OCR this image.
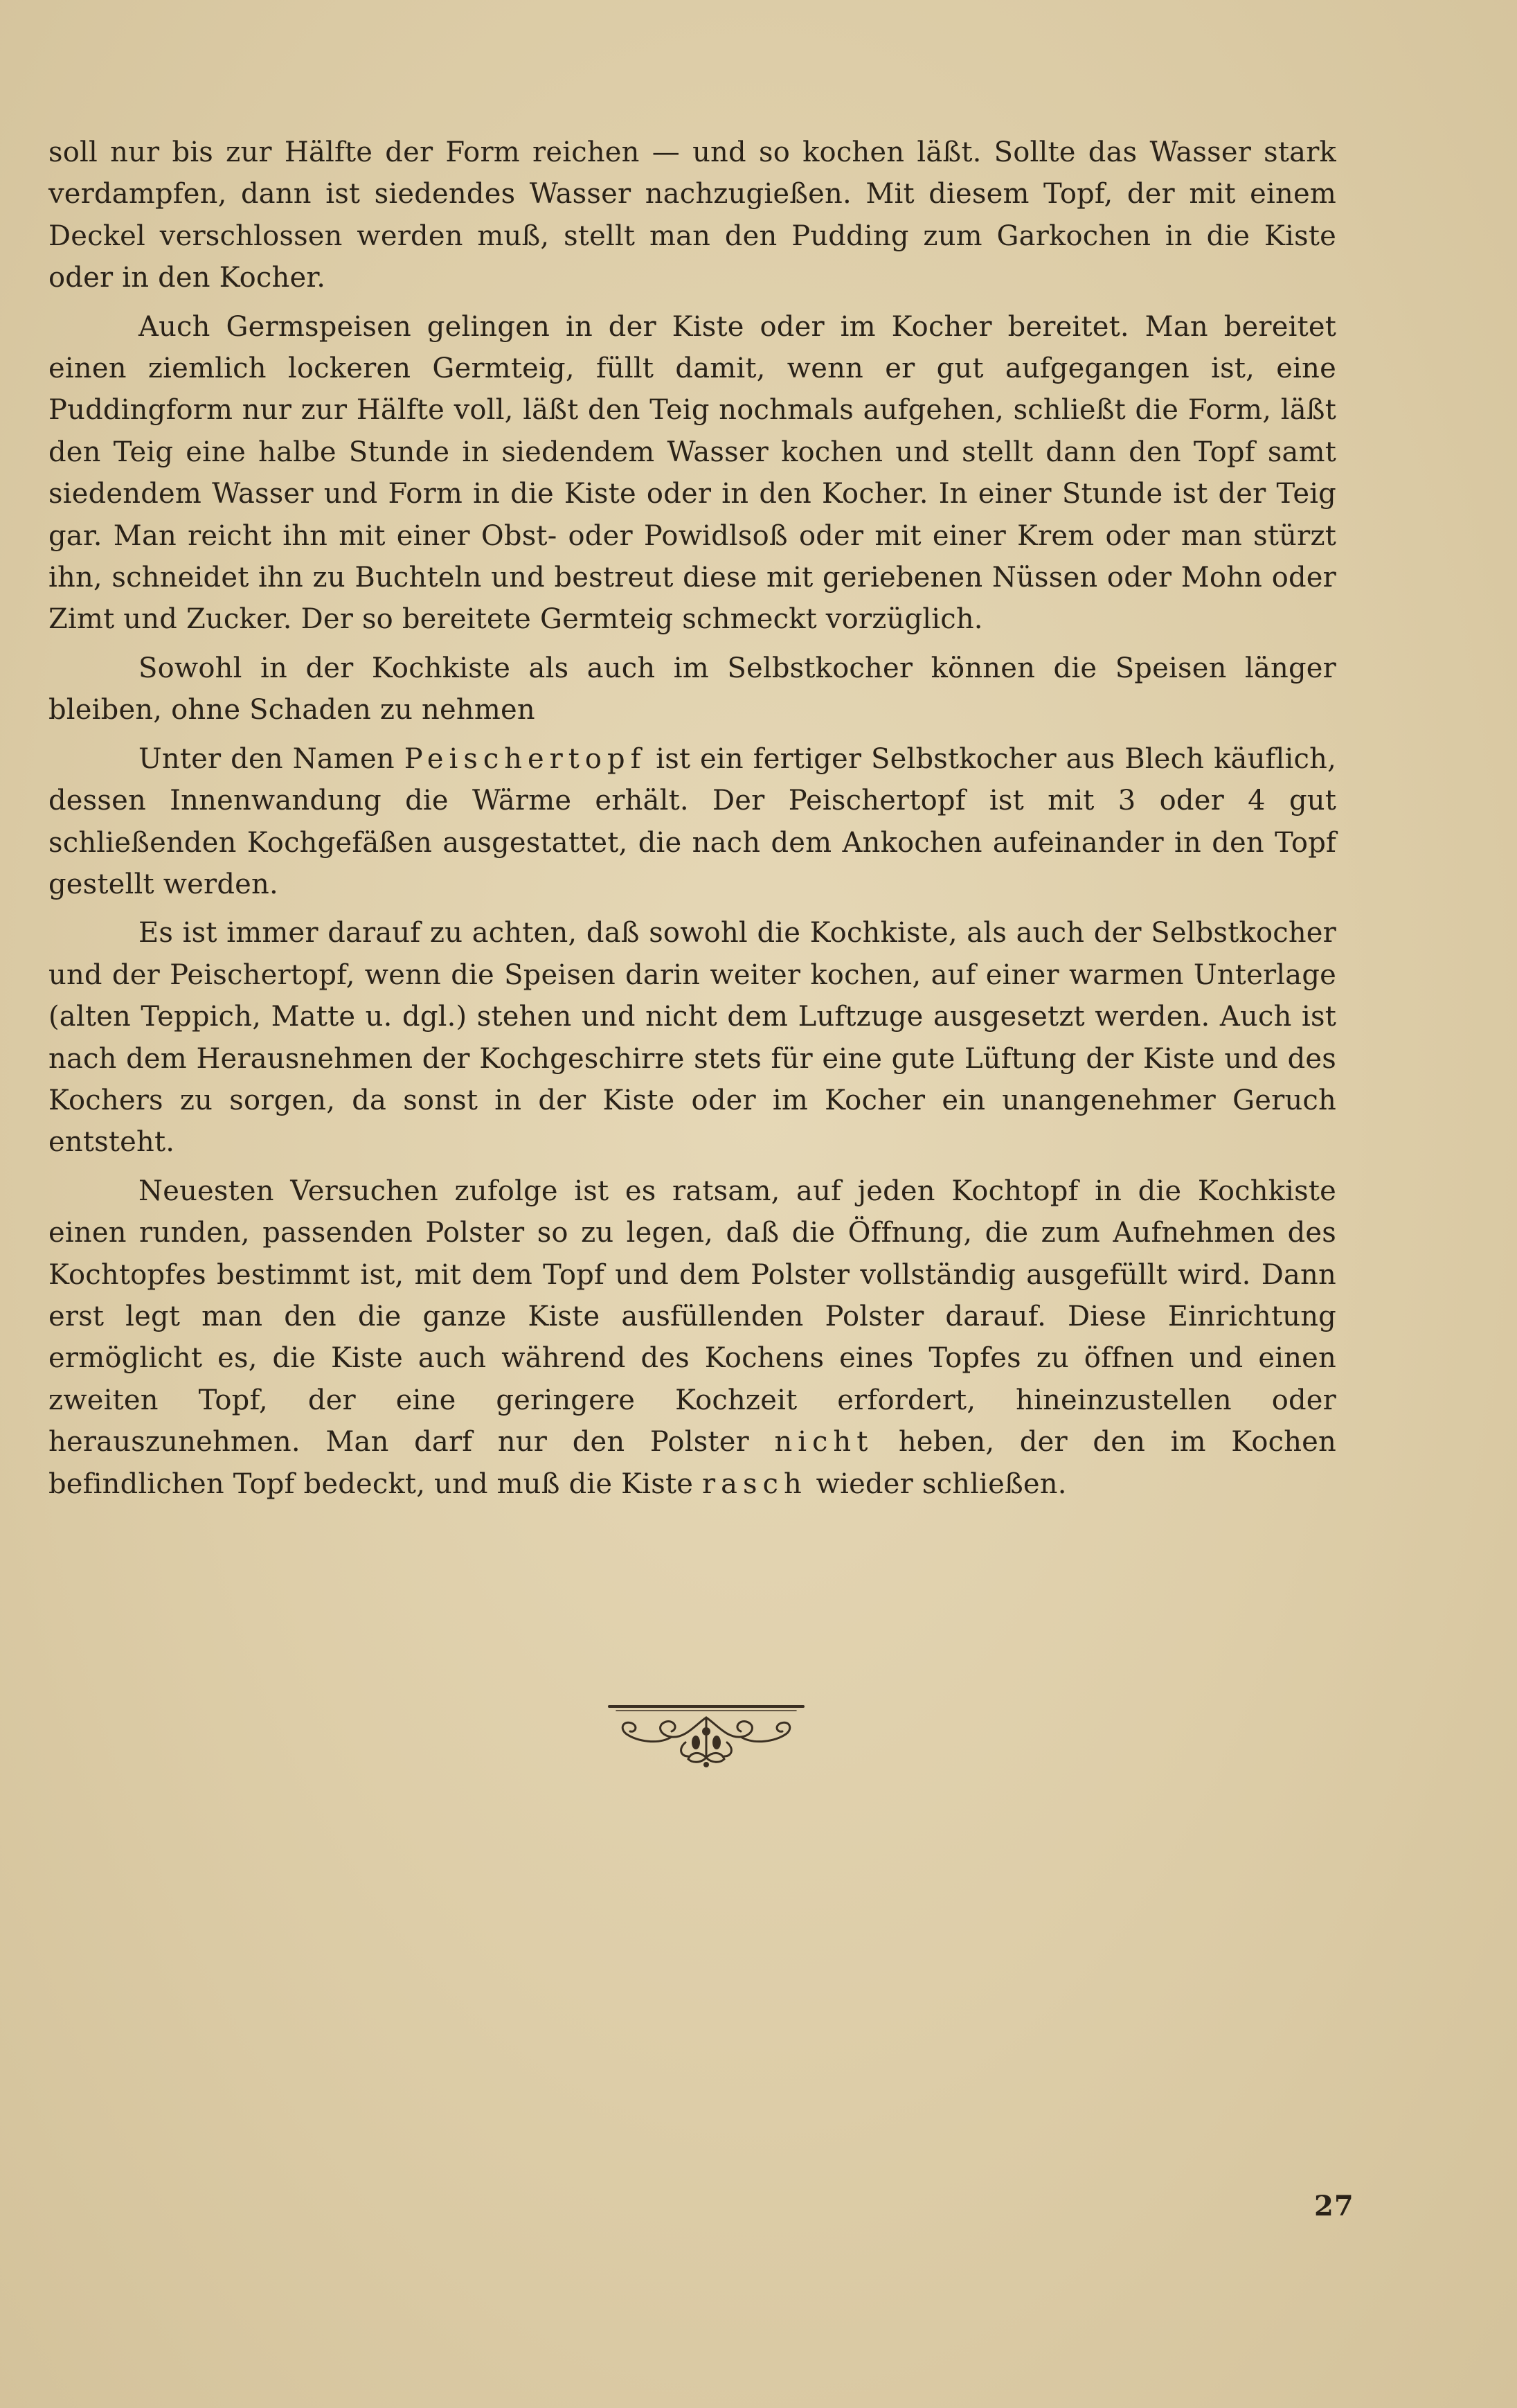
soll nur bis zur Hälfte der Form reichen — und so kochen läßt. Sollte das Wasser stark verdampfen, dann ist siedendes Wasser nachzugießen. Mit diesem Topf, der mit einem Deckel verschlossen werden muß, stellt man den Pudding zum Garkochen in die Kiste oder in den Kocher.

Auch Germspeisen gelingen in der Kiste oder im Kocher bereitet. Man bereitet einen ziemlich lockeren Germteig, füllt damit, wenn er gut aufgegangen ist, eine Puddingform nur zur Hälfte voll, läßt den Teig nochmals aufgehen, schließt die Form, läßt den Teig eine halbe Stunde in siedendem Wasser kochen und stellt dann den Topf samt siedendem Wasser und Form in die Kiste oder in den Kocher. In einer Stunde ist der Teig gar. Man reicht ihn mit einer Obst- oder Powidlsoß oder mit einer Krem oder man stürzt ihn, schneidet ihn zu Buchteln und bestreut diese mit geriebenen Nüssen oder Mohn oder Zimt und Zucker. Der so bereitete Germteig schmeckt vorzüglich.

Sowohl in der Kochkiste als auch im Selbstkocher können die Speisen länger bleiben, ohne Schaden zu nehmen

Unter den Namen Peischertopf ist ein fertiger Selbstkocher aus Blech käuflich, dessen Innenwandung die Wärme erhält. Der Peischertopf ist mit 3 oder 4 gut schließenden Kochgefäßen ausgestattet, die nach dem Ankochen aufeinander in den Topf gestellt werden.

Es ist immer darauf zu achten, daß sowohl die Kochkiste, als auch der Selbstkocher und der Peischertopf, wenn die Speisen darin weiter kochen, auf einer warmen Unterlage (alten Teppich, Matte u. dgl.) stehen und nicht dem Luftzuge ausgesetzt werden. Auch ist nach dem Herausnehmen der Kochgeschirre stets für eine gute Lüftung der Kiste und des Kochers zu sorgen, da sonst in der Kiste oder im Kocher ein unangenehmer Geruch entsteht.

Neuesten Versuchen zufolge ist es ratsam, auf jeden Kochtopf in die Kochkiste einen runden, passenden Polster so zu legen, daß die Öffnung, die zum Aufnehmen des Kochtopfes bestimmt ist, mit dem Topf und dem Polster vollständig ausgefüllt wird. Dann erst legt man den die ganze Kiste ausfüllenden Polster darauf. Diese Einrichtung ermöglicht es, die Kiste auch während des Kochens eines Topfes zu öffnen und einen zweiten Topf, der eine geringere Kochzeit erfordert, hineinzustellen oder herauszunehmen. Man darf nur den Polster nicht heben, der den im Kochen befindlichen Topf bedeckt, und muß die Kiste rasch wieder schließen.

27
